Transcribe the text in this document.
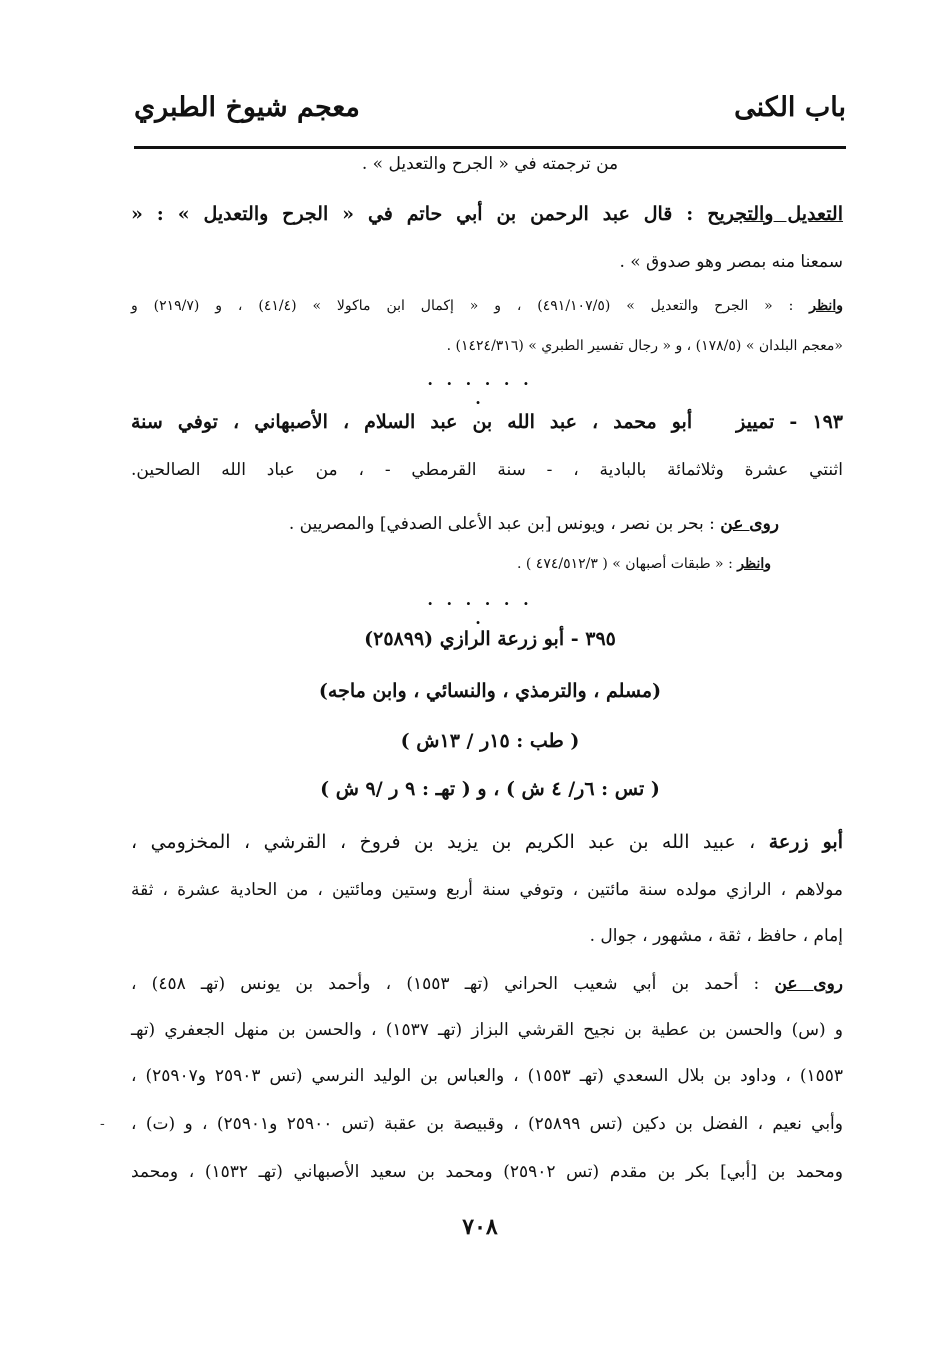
باب الكنى
معجم شيوخ الطبري
من ترجمته في « الجرح والتعديل » .
التعديل والتجريح : قال عبد الرحمن بن أبي حاتم في « الجرح والتعديل » : «
سمعنا منه بمصر وهو صدوق » .
وانظر : « الجرح والتعديل » (٤٩١/١٠٧/٥) ، و « إكمال ابن ماكولا » (٤١/٤) ، و (٢١٩/٧) و
«معجم البلدان » (١٧٨/٥) ، و « رجال تفسير الطبري » (١٤٢٤/٣١٦) .
. . . . . . .
١٩٣ - تمييزأبو محمد ، عبد الله بن عبد السلام ، الأصبهاني ، توفي سنة
اثنتي عشرة وثلاثمائة بالبادية ، - سنة القرمطي - ، من عباد الله الصالحين.
روى عن : بحر بن نصر ، ويونس [بن عبد الأعلى الصدفي] والمصريين .
وانظر : « طبقات أصبهان » ( ٤٧٤/٥١٢/٣ ) .
. . . . . . .
٣٩٥ - أبو زرعة الرازي (٢٥٨٩٩)
(مسلم ، والترمذي ، والنسائي ، وابن ماجه)
( طب : ١٥ر / ١٣ش )
( تس : ٦ر/ ٤ ش ) ، و ( تهـ : ٩ ر /٩ ش )
أبو زرعة ، عبيد الله بن عبد الكريم بن يزيد بن فروخ ، القرشي ، المخزومي ،
مولاهم ، الرازي مولده سنة مائتين ، وتوفي سنة أربع وستين ومائتين ، من الحادية عشرة ، ثقة
إمام ، حافظ ، ثقة ، مشهور ، جوال .
روى عن : أحمد بن أبي شعيب الحراني (تهـ ١٥٥٣) ، وأحمد بن يونس (تهـ ٤٥٨) ،
و (س) والحسن بن عطية بن نجيح القرشي البزاز (تهـ ١٥٣٧) ، والحسن بن منهل الجعفري (تهـ
١٥٥٣) ، وداود بن بلال السعدي (تهـ ١٥٥٣) ، والعباس بن الوليد النرسي (تس ٢٥٩٠٣ و٢٥٩٠٧) ،
وأبي نعيم ، الفضل بن دكين (تس ٢٥٨٩٩) ، وقبيصة بن عقبة (تس ٢٥٩٠٠ و٢٥٩٠١) ، و (ت) ،
ومحمد بن [أبي] بكر بن مقدم (تس ٢٥٩٠٢) ومحمد بن سعيد الأصبهاني (تهـ ١٥٣٢) ، ومحمد
-
٧٠٨
